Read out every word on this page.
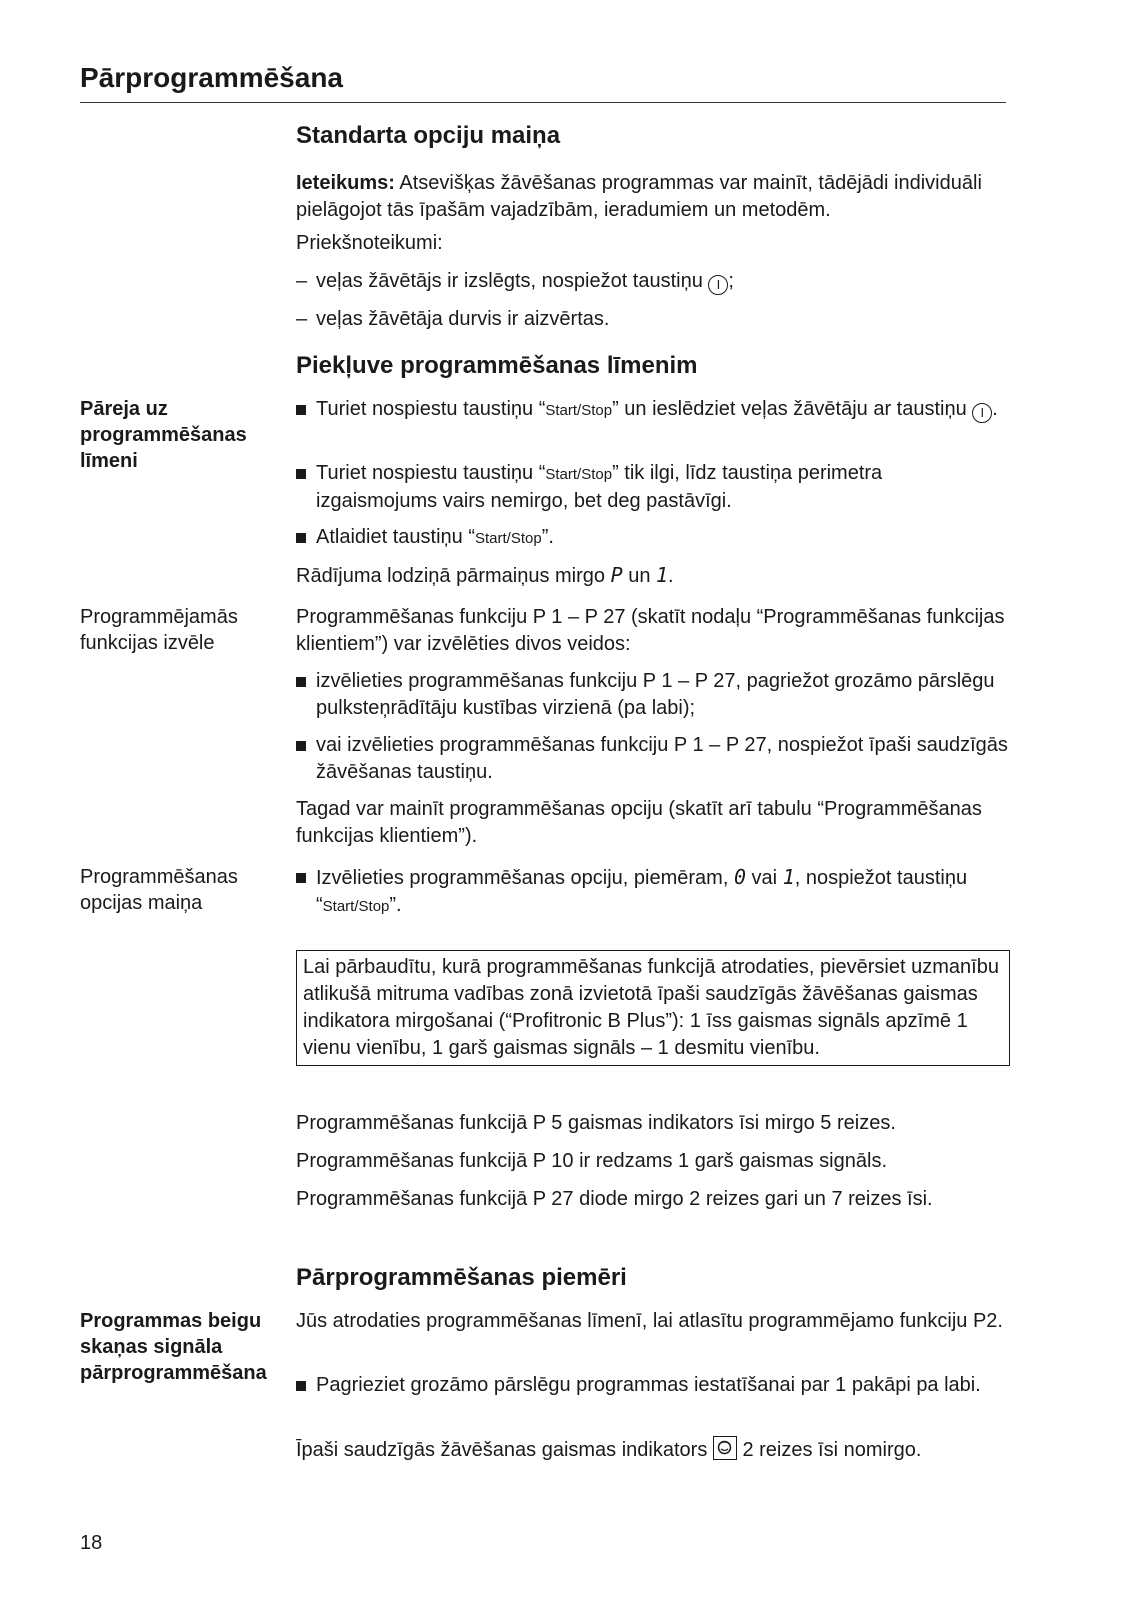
Pārprogrammēšana
Standarta opciju maiņa

Ieteikums: Atsevišķas žāvēšanas programmas var mainīt, tādējādi individuāli pielāgojot tās īpašām vajadzībām, ieradumiem un metodēm.

Priekšnoteikumi:

– veļas žāvētājs ir izslēgts, nospiežot taustiņu I ;
– veļas žāvētāja durvis ir aizvērtas.
Piekļuve programmēšanas līmenim
Pāreja uz programmēšanas līmeni
Turiet nospiestu taustiņu “Start/Stop” un ieslēdziet veļas žāvētāju ar taustiņu I .
Turiet nospiestu taustiņu “Start/Stop” tik ilgi, līdz taustiņa perimetra izgaismojums vairs nemirgo, bet deg pastāvīgi.
Atlaidiet taustiņu “Start/Stop”.

Rādījuma lodziņā pārmaiņus mirgo P un 1.

Programmējamās funkcijas izvēle

Programmēšanas funkciju P 1 – P 27 (skatīt nodaļu “Programmēšanas funkcijas klientiem”) var izvēlēties divos veidos:

izvēlieties programmēšanas funkciju P 1 – P 27, pagriežot grozāmo pārslēgu pulksteņrādītāju kustības virzienā (pa labi);
vai izvēlieties programmēšanas funkciju P 1 – P 27, nospiežot īpaši saudzīgās žāvēšanas taustiņu.

Tagad var mainīt programmēšanas opciju (skatīt arī tabulu “Programmēšanas funkcijas klientiem”).

Programmēšanas opcijas maiņa
Izvēlieties programmēšanas opciju, piemēram, 0 vai 1, nospiežot taustiņu “Start/Stop”.
Lai pārbaudītu, kurā programmēšanas funkcijā atrodaties, pievērsiet uzmanību atlikušā mitruma vadības zonā izvietotā īpaši saudzīgās žāvēšanas gaismas indikatora mirgošanai (“Profitronic B Plus”): 1 īss gaismas signāls apzīmē 1 vienu vienību, 1 garš gaismas signāls – 1 desmitu vienību.

Programmēšanas funkcijā P 5 gaismas indikators īsi mirgo 5 reizes.

Programmēšanas funkcijā P 10 ir redzams 1 garš gaismas signāls.

Programmēšanas funkcijā P 27 diode mirgo 2 reizes gari un 7 reizes īsi.

Pārprogrammēšanas piemēri
Programmas beigu skaņas signāla pārprogrammēšana

Jūs atrodaties programmēšanas līmenī, lai atlasītu programmējamo funkciju P2.

Pagrieziet grozāmo pārslēgu programmas iestatīšanai par 1 pakāpi pa labi.

Īpaši saudzīgās žāvēšanas gaismas indikators
2 reizes īsi nomirgo.

18
